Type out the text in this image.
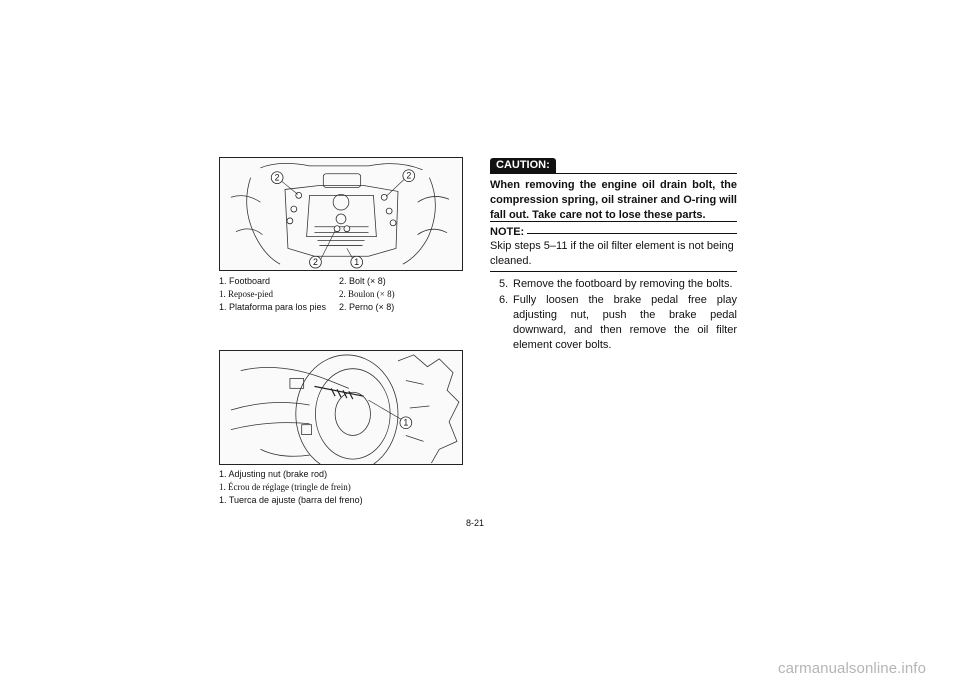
2	2
2	1
1. Footboard	2. Bolt (× 8)
1. Repose-pied	2. Boulon (× 8)
1. Plataforma para los pies 2. Perno (× 8)
1
1. Adjusting nut (brake rod)
1. Écrou de réglage (tringle de frein)
1. Tuerca de ajuste (barra del freno)
CAUTION:
When removing the engine oil drain bolt, the compression spring, oil strainer and O-ring will fall out. Take care not to lose these parts.
NOTE:
Skip steps 5–11 if the oil filter element is not being cleaned.
5. Remove the footboard by removing the bolts.
6. Fully loosen the brake pedal free play adjusting nut, push the brake pedal downward, and then remove the oil filter element cover bolts.
8-21
carmanualsonline.info
